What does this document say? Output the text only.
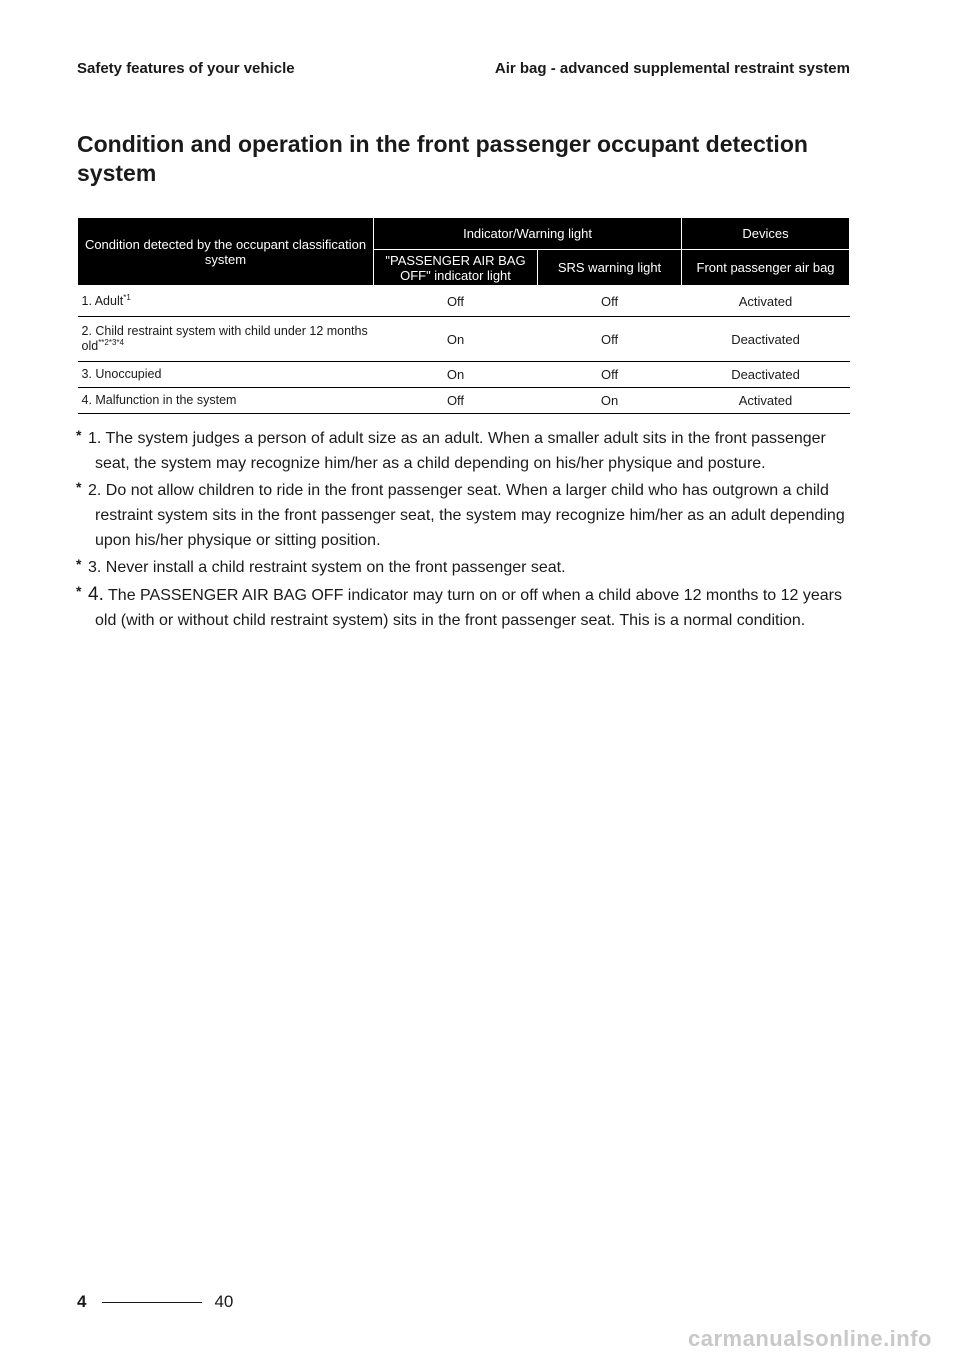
Safety features of your vehicle	Air bag - advanced supplemental restraint system
Condition and operation in the front passenger occupant detection system
Condition detected by the occupant classification system	Indicator/Warning light		Devices
	"PASSENGER AIR BAG OFF" indicator light	SRS warning light	Front passenger air bag
1. Adult$^{*1}$	Off	Off	Activated
2. Child restraint system with child under 12 months old$^{**2*3*4}$	On	Off	Deactivated
3. Unoccupied	On	Off	Deactivated
4. Malfunction in the system	Off	On	Activated
* 1. The system judges a person of adult size as an adult. When a smaller adult sits in the front passenger seat, the system may recognize him/her as a child depending on his/her physique and posture.
* 2. Do not allow children to ride in the front passenger seat. When a larger child who has outgrown a child restraint system sits in the front passenger seat, the system may recognize him/her as an adult depending upon his/her physique or sitting position.
* 3. Never install a child restraint system on the front passenger seat.
* 4. The PASSENGER AIR BAG OFF indicator may turn on or off when a child above 12 months to 12 years old (with or without child restraint system) sits in the front passenger seat. This is a normal condition.
4	40
carmanualsonline.info
